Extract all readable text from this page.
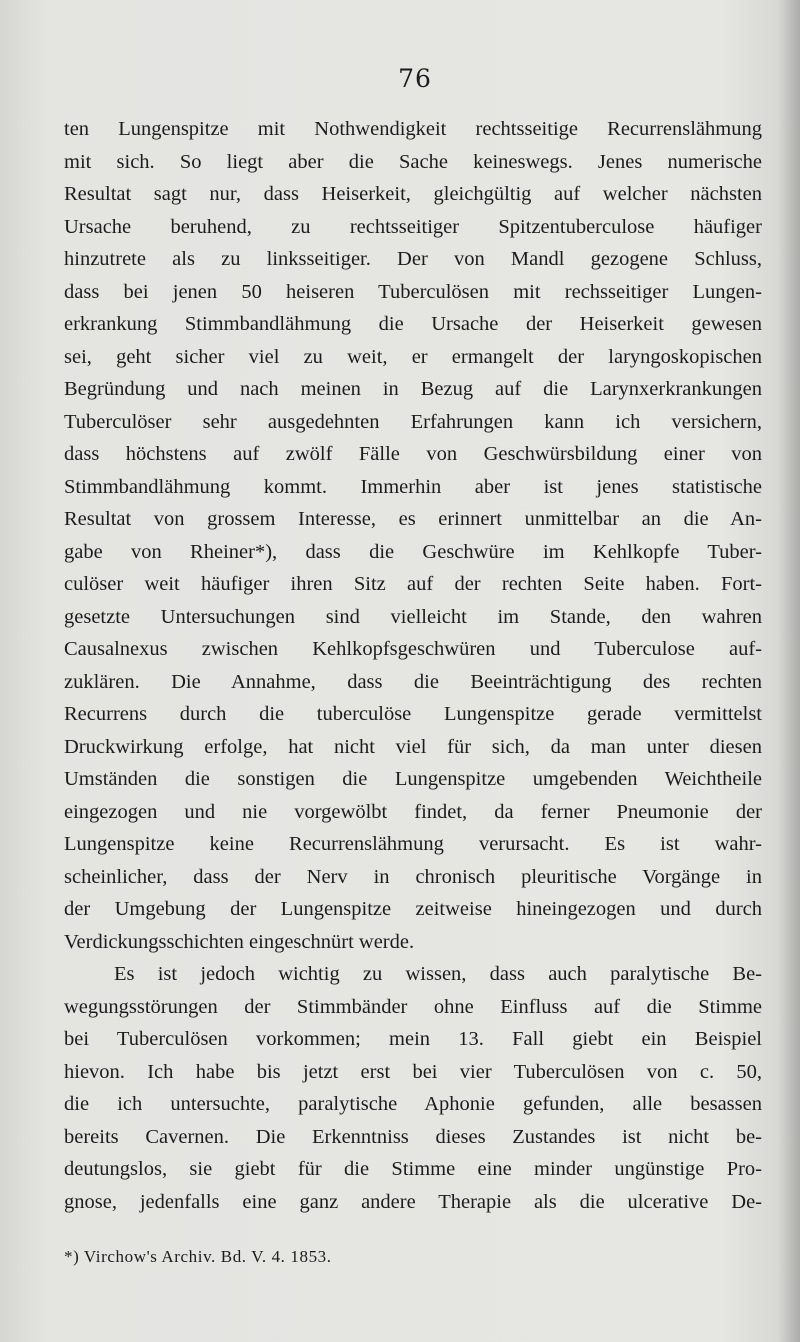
76
ten Lungenspitze mit Nothwendigkeit rechtsseitige Recurrenslähmung
mit sich. So liegt aber die Sache keineswegs. Jenes numerische
Resultat sagt nur, dass Heiserkeit, gleichgültig auf welcher nächsten
Ursache beruhend, zu rechtsseitiger Spitzentuberculose häufiger
hinzutrete als zu linksseitiger. Der von Mandl gezogene Schluss,
dass bei jenen 50 heiseren Tuberculösen mit rechsseitiger Lungen-
erkrankung Stimmbandlähmung die Ursache der Heiserkeit gewesen
sei, geht sicher viel zu weit, er ermangelt der laryngoskopischen
Begründung und nach meinen in Bezug auf die Larynxerkrankungen
Tuberculöser sehr ausgedehnten Erfahrungen kann ich versichern,
dass höchstens auf zwölf Fälle von Geschwürsbildung einer von
Stimmbandlähmung kommt. Immerhin aber ist jenes statistische
Resultat von grossem Interesse, es erinnert unmittelbar an die An-
gabe von Rheiner*), dass die Geschwüre im Kehlkopfe Tuber-
culöser weit häufiger ihren Sitz auf der rechten Seite haben. Fort-
gesetzte Untersuchungen sind vielleicht im Stande, den wahren
Causalnexus zwischen Kehlkopfsgeschwüren und Tuberculose auf-
zuklären. Die Annahme, dass die Beeinträchtigung des rechten
Recurrens durch die tuberculöse Lungenspitze gerade vermittelst
Druckwirkung erfolge, hat nicht viel für sich, da man unter diesen
Umständen die sonstigen die Lungenspitze umgebenden Weichtheile
eingezogen und nie vorgewölbt findet, da ferner Pneumonie der
Lungenspitze keine Recurrenslähmung verursacht. Es ist wahr-
scheinlicher, dass der Nerv in chronisch pleuritische Vorgänge in
der Umgebung der Lungenspitze zeitweise hineingezogen und durch
Verdickungsschichten eingeschnürt werde.
Es ist jedoch wichtig zu wissen, dass auch paralytische Be-
wegungsstörungen der Stimmbänder ohne Einfluss auf die Stimme
bei Tuberculösen vorkommen; mein 13. Fall giebt ein Beispiel
hievon. Ich habe bis jetzt erst bei vier Tuberculösen von c. 50,
die ich untersuchte, paralytische Aphonie gefunden, alle besassen
bereits Cavernen. Die Erkenntniss dieses Zustandes ist nicht be-
deutungslos, sie giebt für die Stimme eine minder ungünstige Pro-
gnose, jedenfalls eine ganz andere Therapie als die ulcerative De-
*) Virchow's Archiv. Bd. V. 4. 1853.
